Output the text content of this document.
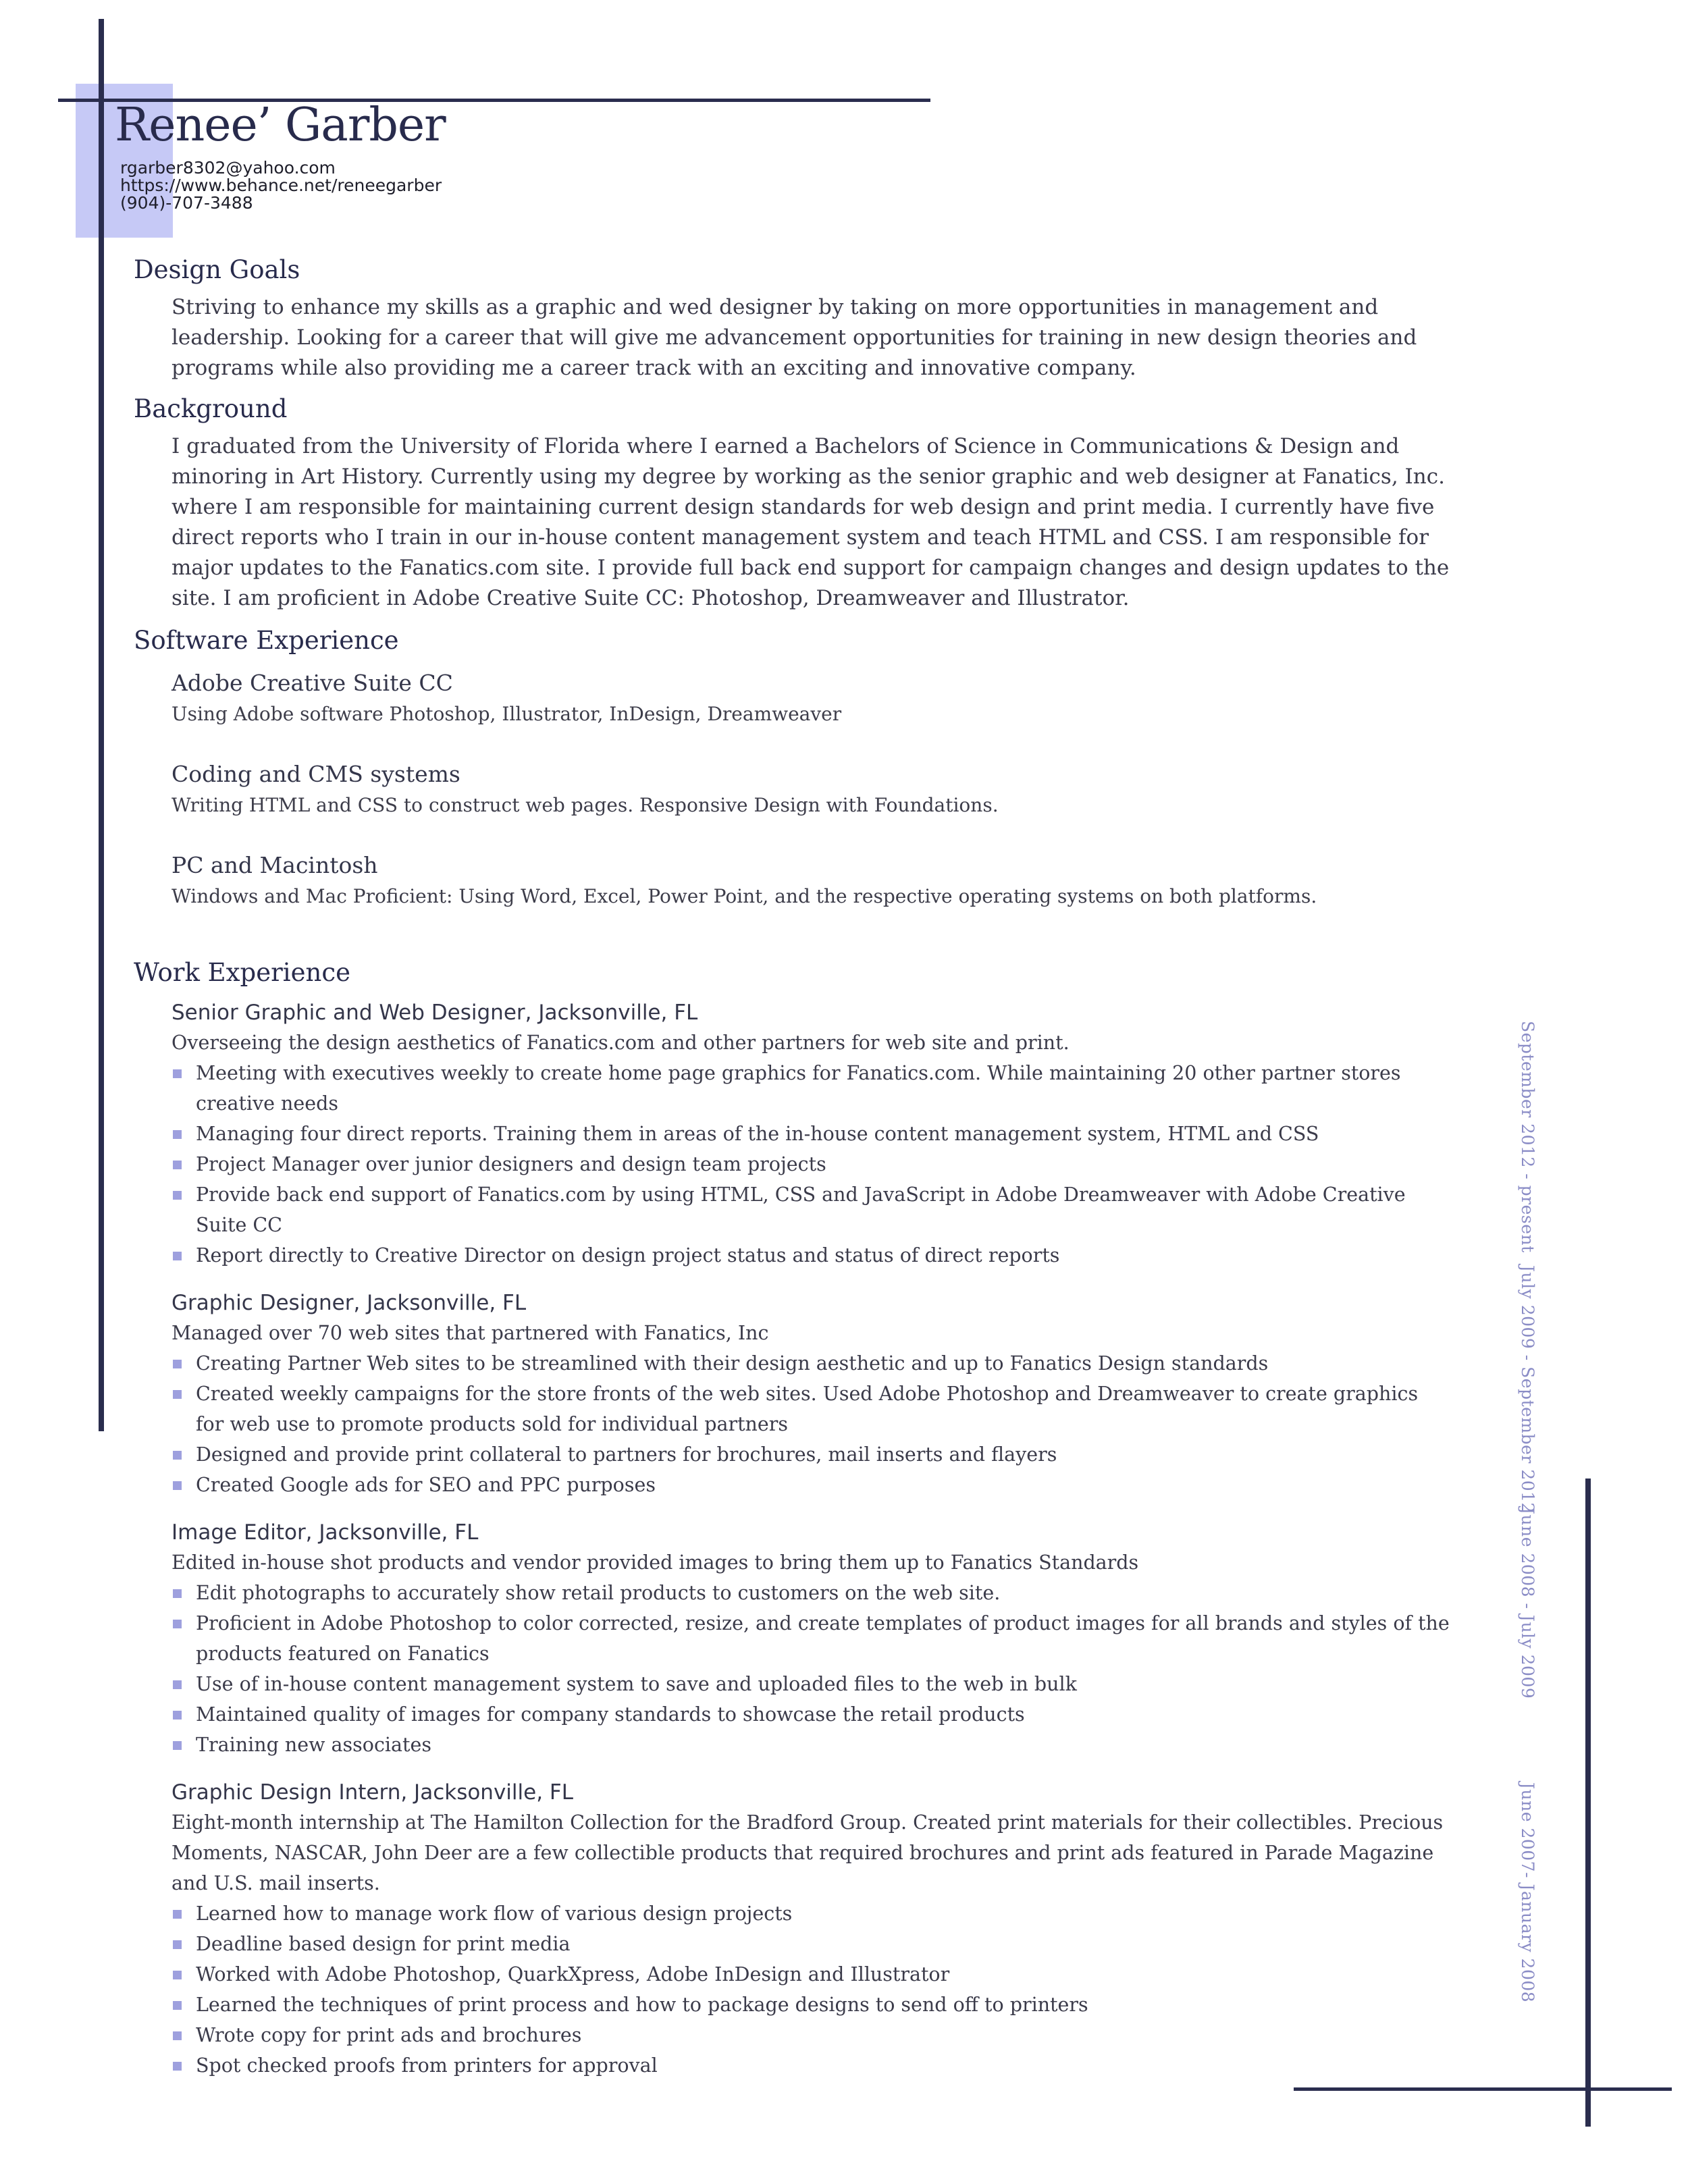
Renee’ Garber
rgarber8302@yahoo.com
https://www.behance.net/reneegarber
(904)-707-3488
Design Goals

Striving to enhance my skills as a graphic and wed designer by taking on more opportunities in management and leadership. Looking for a career that will give me advancement opportunities for training in new design theories and programs while also providing me a career track with an exciting and innovative company.

Background

I graduated from the University of Florida where I earned a Bachelors of Science in Communications & Design and minoring in Art History. Currently using my degree by working as the senior graphic and web designer at Fanatics, Inc. where I am responsible for maintaining current design standards for web design and print media. I currently have five direct reports who I train in our in-house content management system and teach HTML and CSS. I am responsible for major updates to the Fanatics.com site. I provide full back end support for campaign changes and design updates to the site. I am proficient in Adobe Creative Suite CC: Photoshop, Dreamweaver and Illustrator.

Software Experience
Adobe Creative Suite CC
Using Adobe software Photoshop, Illustrator, InDesign, Dreamweaver
Coding and CMS systems
Writing HTML and CSS to construct web pages. Responsive Design with Foundations.
PC and Macintosh
Windows and Mac Proficient: Using Word, Excel, Power Point, and the respective operating systems on both platforms.
Work Experience
Senior Graphic and Web Designer, Jacksonville, FL
Overseeing the design aesthetics of Fanatics.com and other partners for web site and print.
Meeting with executives weekly to create home page graphics for Fanatics.com. While maintaining 20 other partner stores creative needs
Managing four direct reports. Training them in areas of the in-house content management system, HTML and CSS
Project Manager over junior designers and design team projects
Provide back end support of Fanatics.com by using HTML, CSS and JavaScript in Adobe Dreamweaver with Adobe Creative Suite CC
Report directly to Creative Director on design project status and status of direct reports
Graphic Designer, Jacksonville, FL
Managed over 70 web sites that partnered with Fanatics, Inc
Creating Partner Web sites to be streamlined with their design aesthetic and up to Fanatics Design standards
Created weekly campaigns for the store fronts of the web sites. Used Adobe Photoshop and Dreamweaver to create graphics for web use to promote products sold for individual partners
Designed and provide print collateral to partners for brochures, mail inserts and flayers
Created Google ads for SEO and PPC purposes
Image Editor, Jacksonville, FL
Edited in-house shot products and vendor provided images to bring them up to Fanatics Standards
Edit photographs to accurately show retail products to customers on the web site.
Proficient in Adobe Photoshop to color corrected, resize, and create templates of product images for all brands and styles of the products featured on Fanatics
Use of in-house content management system to save and uploaded files to the web in bulk
Maintained quality of images for company standards to showcase the retail products
Training new associates
Graphic Design Intern, Jacksonville, FL
Eight-month internship at The Hamilton Collection for the Bradford Group. Created print materials for their collectibles. Precious Moments, NASCAR, John Deer are a few collectible products that required brochures and print ads featured in Parade Magazine and U.S. mail inserts.
Learned how to manage work flow of various design projects
Deadline based design for print media
Worked with Adobe Photoshop, QuarkXpress, Adobe InDesign and Illustrator
Learned the techniques of print process and how to package designs to send off to printers
Wrote copy for print ads and brochures
Spot checked proofs from printers for approval
September 2012 - present
July 2009 - September 2012
June 2008 - July 2009
June 2007- January 2008
